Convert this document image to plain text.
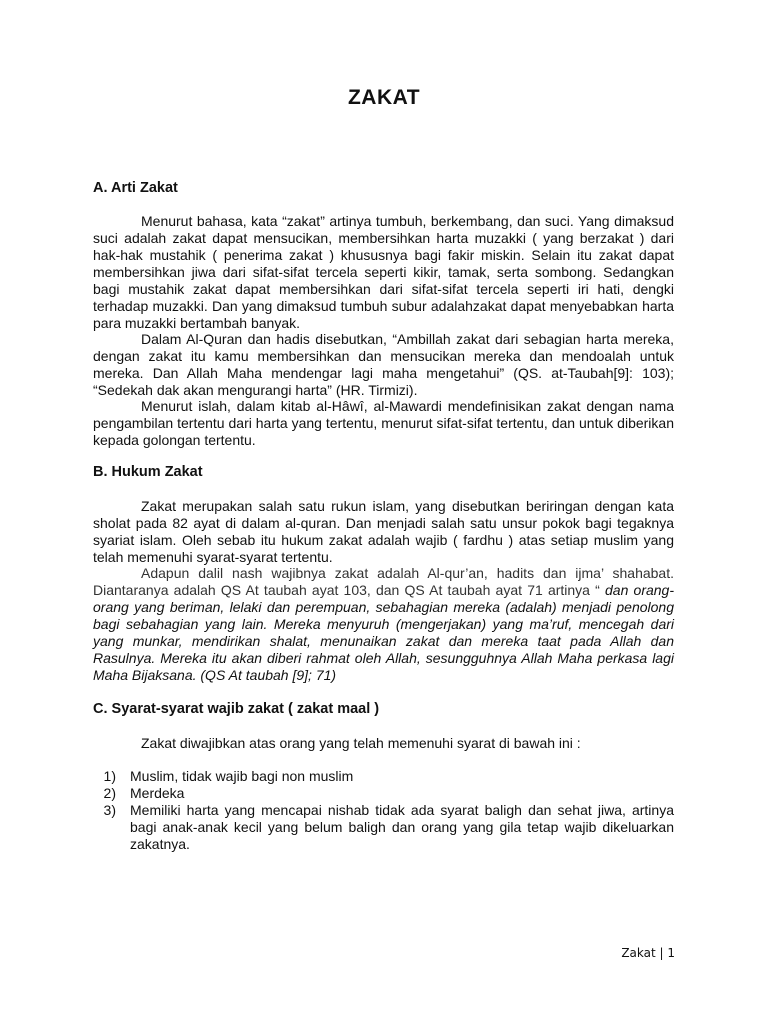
ZAKAT
A. Arti Zakat

Menurut bahasa, kata “zakat” artinya tumbuh, berkembang, dan suci. Yang dimaksud suci adalah zakat dapat mensucikan, membersihkan harta muzakki ( yang berzakat ) dari hak-hak mustahik ( penerima zakat ) khususnya bagi fakir miskin. Selain itu zakat dapat membersihkan jiwa dari sifat-sifat tercela seperti kikir, tamak, serta sombong. Sedangkan bagi mustahik zakat dapat membersihkan dari sifat-sifat tercela seperti iri hati, dengki terhadap muzakki. Dan yang dimaksud tumbuh subur adalahzakat dapat menyebabkan harta para muzakki bertambah banyak.

Dalam Al-Quran dan hadis disebutkan, “Ambillah zakat dari sebagian harta mereka, dengan zakat itu kamu membersihkan dan mensucikan mereka dan mendoalah untuk mereka. Dan Allah Maha mendengar lagi maha mengetahui” (QS. at-Taubah[9]: 103); “Sedekah dak akan mengurangi harta” (HR. Tirmizi).

Menurut islah, dalam kitab al-Hâwî, al-Mawardi mendefinisikan zakat dengan nama pengambilan tertentu dari harta yang tertentu, menurut sifat-sifat tertentu, dan untuk diberikan kepada golongan tertentu.

B. Hukum Zakat

Zakat merupakan salah satu rukun islam, yang disebutkan beriringan dengan kata sholat pada 82 ayat di dalam al-quran. Dan menjadi salah satu unsur pokok bagi tegaknya syariat islam. Oleh sebab itu hukum zakat adalah wajib ( fardhu ) atas setiap muslim yang telah memenuhi syarat-syarat tertentu.

Adapun dalil nash wajibnya zakat adalah Al-qur’an, hadits dan ijma’ shahabat. Diantaranya adalah QS At taubah ayat 103, dan QS At taubah ayat 71 artinya “ dan orang-orang yang beriman, lelaki dan perempuan, sebahagian mereka (adalah) menjadi penolong bagi sebahagian yang lain. Mereka menyuruh (mengerjakan) yang ma’ruf, mencegah dari yang munkar, mendirikan shalat, menunaikan zakat dan mereka taat pada Allah dan Rasulnya. Mereka itu akan diberi rahmat oleh Allah, sesungguhnya Allah Maha perkasa lagi Maha Bijaksana. (QS At taubah [9]; 71)

C. Syarat-syarat wajib zakat ( zakat maal )

Zakat diwajibkan atas orang yang telah memenuhi syarat di bawah ini :

1) Muslim, tidak wajib bagi non muslim
2) Merdeka
3) Memiliki harta yang mencapai nishab tidak ada syarat baligh dan sehat jiwa, artinya bagi anak-anak kecil yang belum baligh dan orang yang gila tetap wajib dikeluarkan zakatnya.
Zakat | 1
